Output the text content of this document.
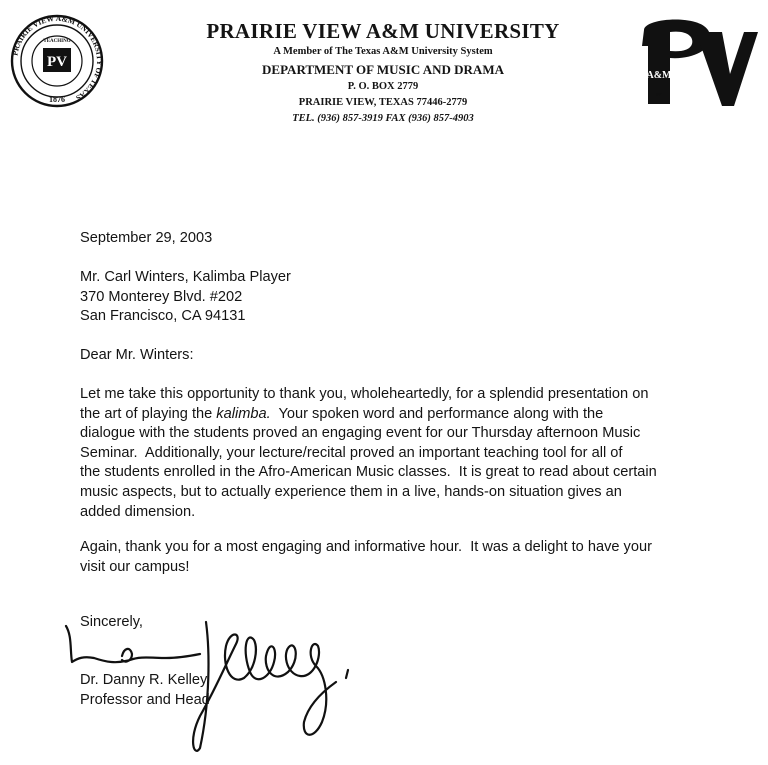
PRAIRIE VIEW A&M UNIVERSITY OF TEXAS
TEACHING
PV
1876
PRAIRIE VIEW A&M UNIVERSITY
A Member of The Texas A&M University System
DEPARTMENT OF MUSIC AND DRAMA
P. O. BOX 2779
PRAIRIE VIEW, TEXAS 77446-2779
TEL. (936) 857-3919 FAX (936) 857-4903
A&M
PV
September 29, 2003
Mr. Carl Winters, Kalimba Player
370 Monterey Blvd. #202
San Francisco, CA 94131
Dear Mr. Winters:
Let me take this opportunity to thank you, wholeheartedly, for a splendid presentation on
the art of playing the kalimba.  Your spoken word and performance along with the
dialogue with the students proved an engaging event for our Thursday afternoon Music
Seminar.  Additionally, your lecture/recital proved an important teaching tool for all of
the students enrolled in the Afro-American Music classes.  It is great to read about certain
music aspects, but to actually experience them in a live, hands-on situation gives an
added dimension.
Again, thank you for a most engaging and informative hour.  It was a delight to have your
visit our campus!
Sincerely,
Dr. Danny R. Kelley
Professor and Head
